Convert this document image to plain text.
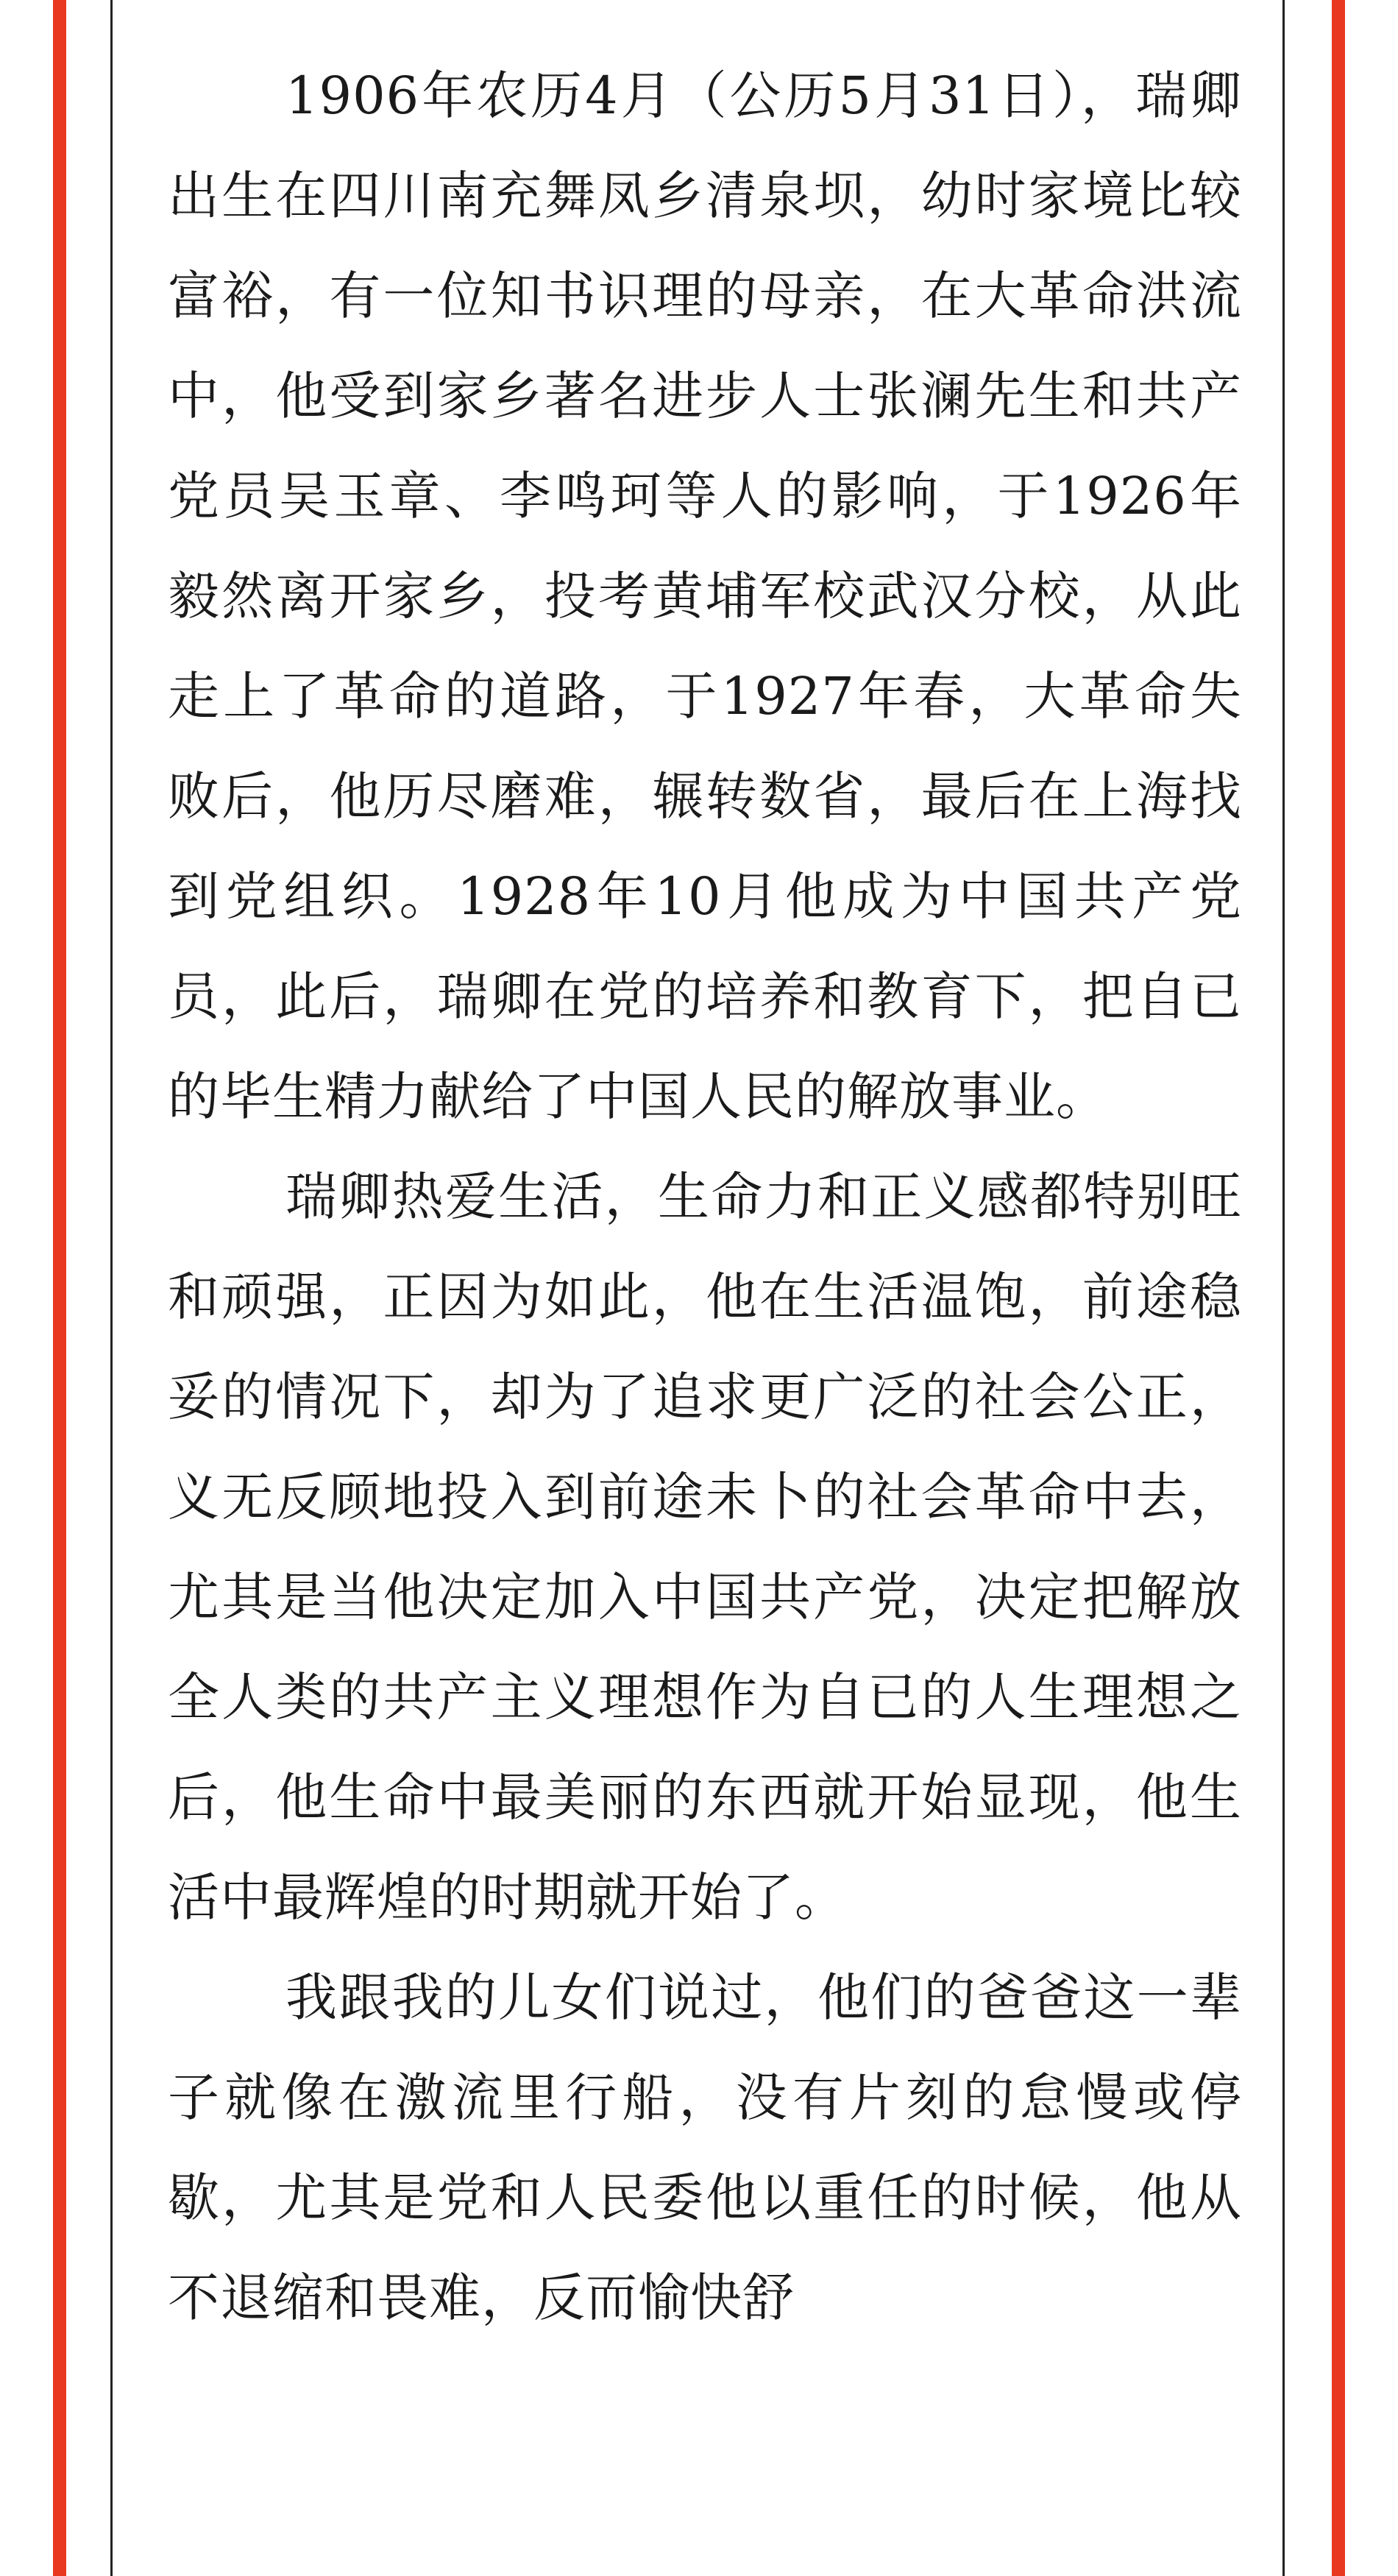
1906年农历4月（公历5月31日），瑞卿出生在四川南充舞凤乡清泉坝，幼时家境比较富裕，有一位知书识理的母亲，在大革命洪流中，他受到家乡著名进步人士张澜先生和共产党员吴玉章、李鸣珂等人的影响，于1926年毅然离开家乡，投考黄埔军校武汉分校，从此走上了革命的道路，于1927年春，大革命失败后，他历尽磨难，辗转数省，最后在上海找到党组织。1928年10月他成为中国共产党员，此后，瑞卿在党的培养和教育下，把自已的毕生精力献给了中国人民的解放事业。

瑞卿热爱生活，生命力和正义感都特别旺和顽强，正因为如此，他在生活温饱，前途稳妥的情况下，却为了追求更广泛的社会公正，义无反顾地投入到前途未卜的社会革命中去，尤其是当他决定加入中国共产党，决定把解放全人类的共产主义理想作为自已的人生理想之后，他生命中最美丽的东西就开始显现，他生活中最辉煌的时期就开始了。

我跟我的儿女们说过，他们的爸爸这一辈子就像在激流里行船，没有片刻的怠慢或停歇，尤其是党和人民委他以重任的时候，他从不退缩和畏难，反而愉快舒
